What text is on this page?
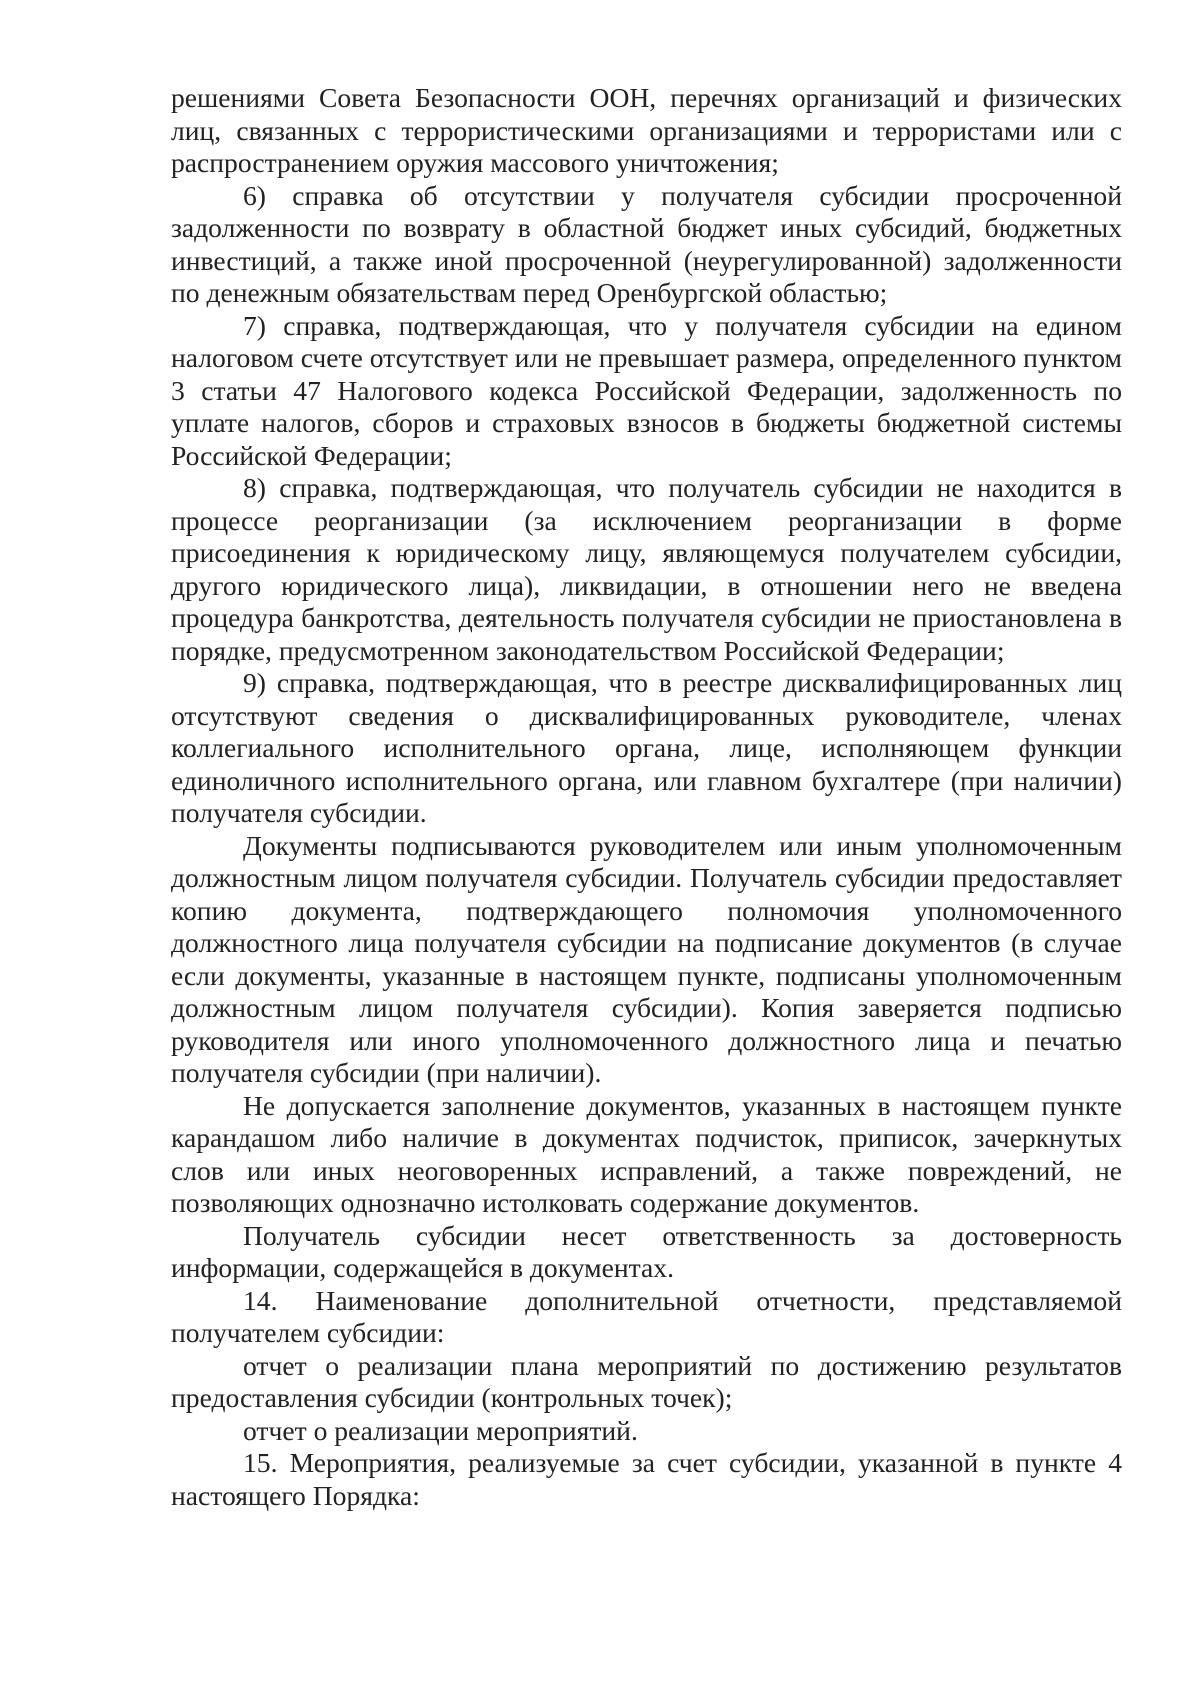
решениями Совета Безопасности ООН, перечнях организаций и физических лиц, связанных с террористическими организациями и террористами или с распространением оружия массового уничтожения;

6) справка об отсутствии у получателя субсидии просроченной задолженности по возврату в областной бюджет иных субсидий, бюджетных инвестиций, а также иной просроченной (неурегулированной) задолженности по денежным обязательствам перед Оренбургской областью;

7) справка, подтверждающая, что у получателя субсидии на едином налоговом счете отсутствует или не превышает размера, определенного пунктом 3 статьи 47 Налогового кодекса Российской Федерации, задолженность по уплате налогов, сборов и страховых взносов в бюджеты бюджетной системы Российской Федерации;

8) справка, подтверждающая, что получатель субсидии не находится в процессе реорганизации (за исключением реорганизации в форме присоединения к юридическому лицу, являющемуся получателем субсидии, другого юридического лица), ликвидации, в отношении него не введена процедура банкротства, деятельность получателя субсидии не приостановлена в порядке, предусмотренном законодательством Российской Федерации;

9) справка, подтверждающая, что в реестре дисквалифицированных лиц отсутствуют сведения о дисквалифицированных руководителе, членах коллегиального исполнительного органа, лице, исполняющем функции единоличного исполнительного органа, или главном бухгалтере (при наличии) получателя субсидии.

Документы подписываются руководителем или иным уполномоченным должностным лицом получателя субсидии. Получатель субсидии предоставляет копию документа, подтверждающего полномочия уполномоченного должностного лица получателя субсидии на подписание документов (в случае если документы, указанные в настоящем пункте, подписаны уполномоченным должностным лицом получателя субсидии). Копия заверяется подписью руководителя или иного уполномоченного должностного лица и печатью получателя субсидии (при наличии).

Не допускается заполнение документов, указанных в настоящем пункте карандашом либо наличие в документах подчисток, приписок, зачеркнутых слов или иных неоговоренных исправлений, а также повреждений, не позволяющих однозначно истолковать содержание документов.

Получатель субсидии несет ответственность за достоверность информации, содержащейся в документах.

14. Наименование дополнительной отчетности, представляемой получателем субсидии:

отчет о реализации плана мероприятий по достижению результатов предоставления субсидии (контрольных точек);

отчет о реализации мероприятий.

15. Мероприятия, реализуемые за счет субсидии, указанной в пункте 4 настоящего Порядка:
